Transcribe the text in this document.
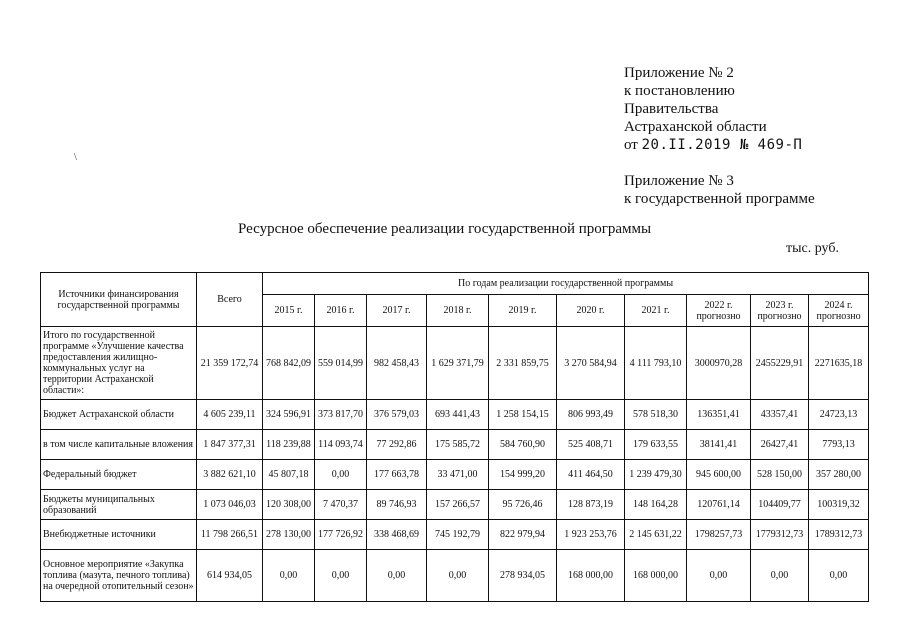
Приложение № 2
к постановлению
Правительства
Астраханской области
от 20.II.2019 № 469-П
Приложение № 3
к государственной программе
\
Ресурсное обеспечение реализации государственной программы
тыс. руб.
Источники финансирования государственной программы	Всего	По годам реализации государственной программы									
		2015 г.	2016 г.	2017 г.	2018 г.	2019 г.	2020 г.	2021 г.	2022 г. прогнозно	2023 г. прогнозно	2024 г. прогнозно
Итого по государственной программе «Улучшение качества предоставления жилищно-коммунальных услуг на территории Астраханской области»:	21 359 172,74	768 842,09	559 014,99	982 458,43	1 629 371,79	2 331 859,75	3 270 584,94	4 111 793,10	3000970,28	2455229,91	2271635,18
Бюджет Астраханской области	4 605 239,11	324 596,91	373 817,70	376 579,03	693 441,43	1 258 154,15	806 993,49	578 518,30	136351,41	43357,41	24723,13
в том числе капитальные вложения	1 847 377,31	118 239,88	114 093,74	77 292,86	175 585,72	584 760,90	525 408,71	179 633,55	38141,41	26427,41	7793,13
Федеральный бюджет	3 882 621,10	45 807,18	0,00	177 663,78	33 471,00	154 999,20	411 464,50	1 239 479,30	945 600,00	528 150,00	357 280,00
Бюджеты муниципальных образований	1 073 046,03	120 308,00	7 470,37	89 746,93	157 266,57	95 726,46	128 873,19	148 164,28	120761,14	104409,77	100319,32
Внебюджетные источники	11 798 266,51	278 130,00	177 726,92	338 468,69	745 192,79	822 979,94	1 923 253,76	2 145 631,22	1798257,73	1779312,73	1789312,73
Основное мероприятие «Закупка топлива (мазута, печного топлива) на очередной отопительный сезон»	614 934,05	0,00	0,00	0,00	0,00	278 934,05	168 000,00	168 000,00	0,00	0,00	0,00
